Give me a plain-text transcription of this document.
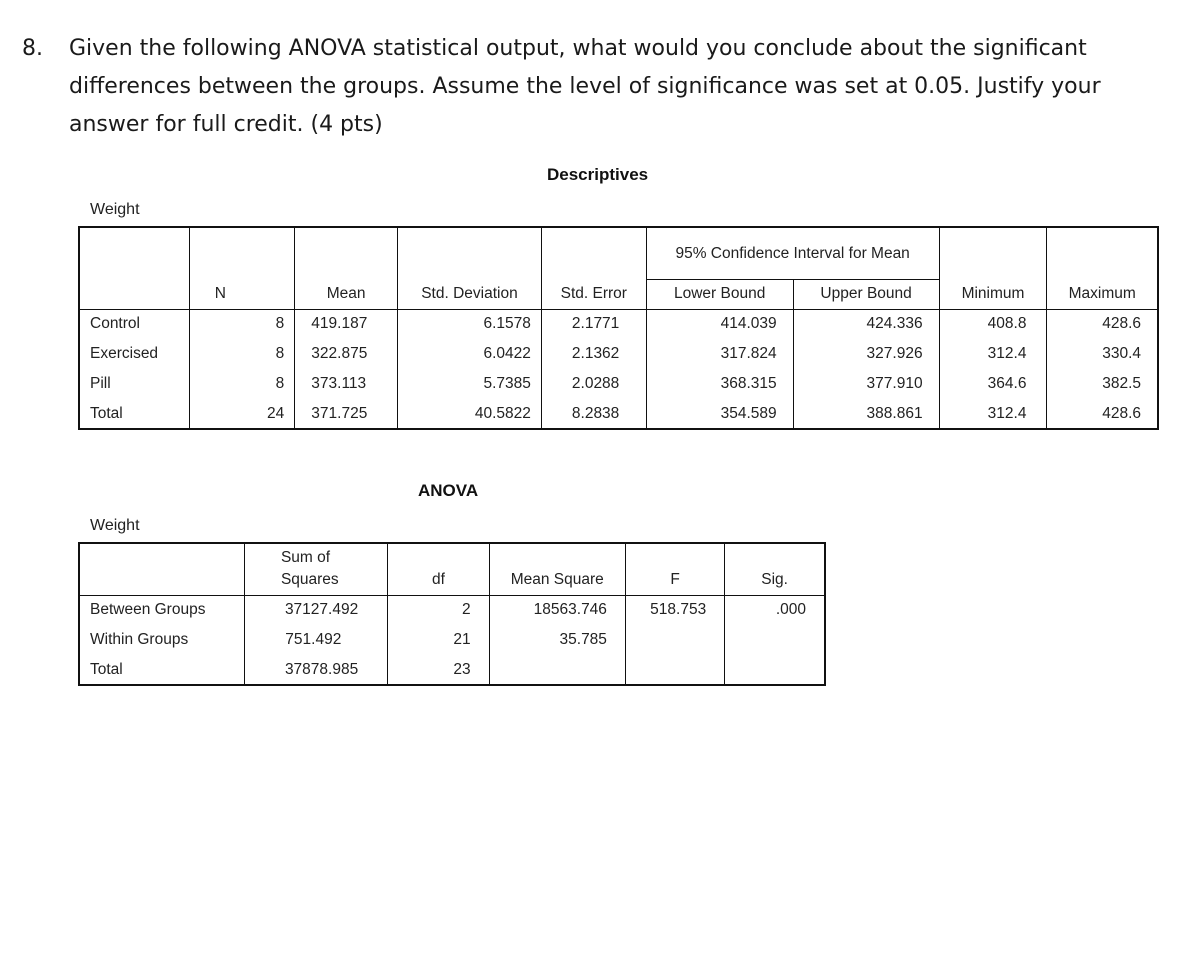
8. Given the following ANOVA statistical output, what would you conclude about the significant differences between the groups. Assume the level of significance was set at 0.05. Justify your answer for full credit. (4 pts)
Descriptives
Weight
					95% Confidence Interval for Mean			
	N	Mean	Std. Deviation	Std. Error	Lower Bound	Upper Bound	Minimum	Maximum
Control	8	419.187	6.1578	2.1771	414.039	424.336	408.8	428.6
Exercised	8	322.875	6.0422	2.1362	317.824	327.926	312.4	330.4
Pill	8	373.113	5.7385	2.0288	368.315	377.910	364.6	382.5
Total	24	371.725	40.5822	8.2838	354.589	388.861	312.4	428.6
ANOVA
Weight

	Sum of
Squares	df	Mean Square	F	Sig.
Between Groups	37127.492	2	18563.746	518.753	.000
Within Groups	751.492	21	35.785		
Total	37878.985	23			
